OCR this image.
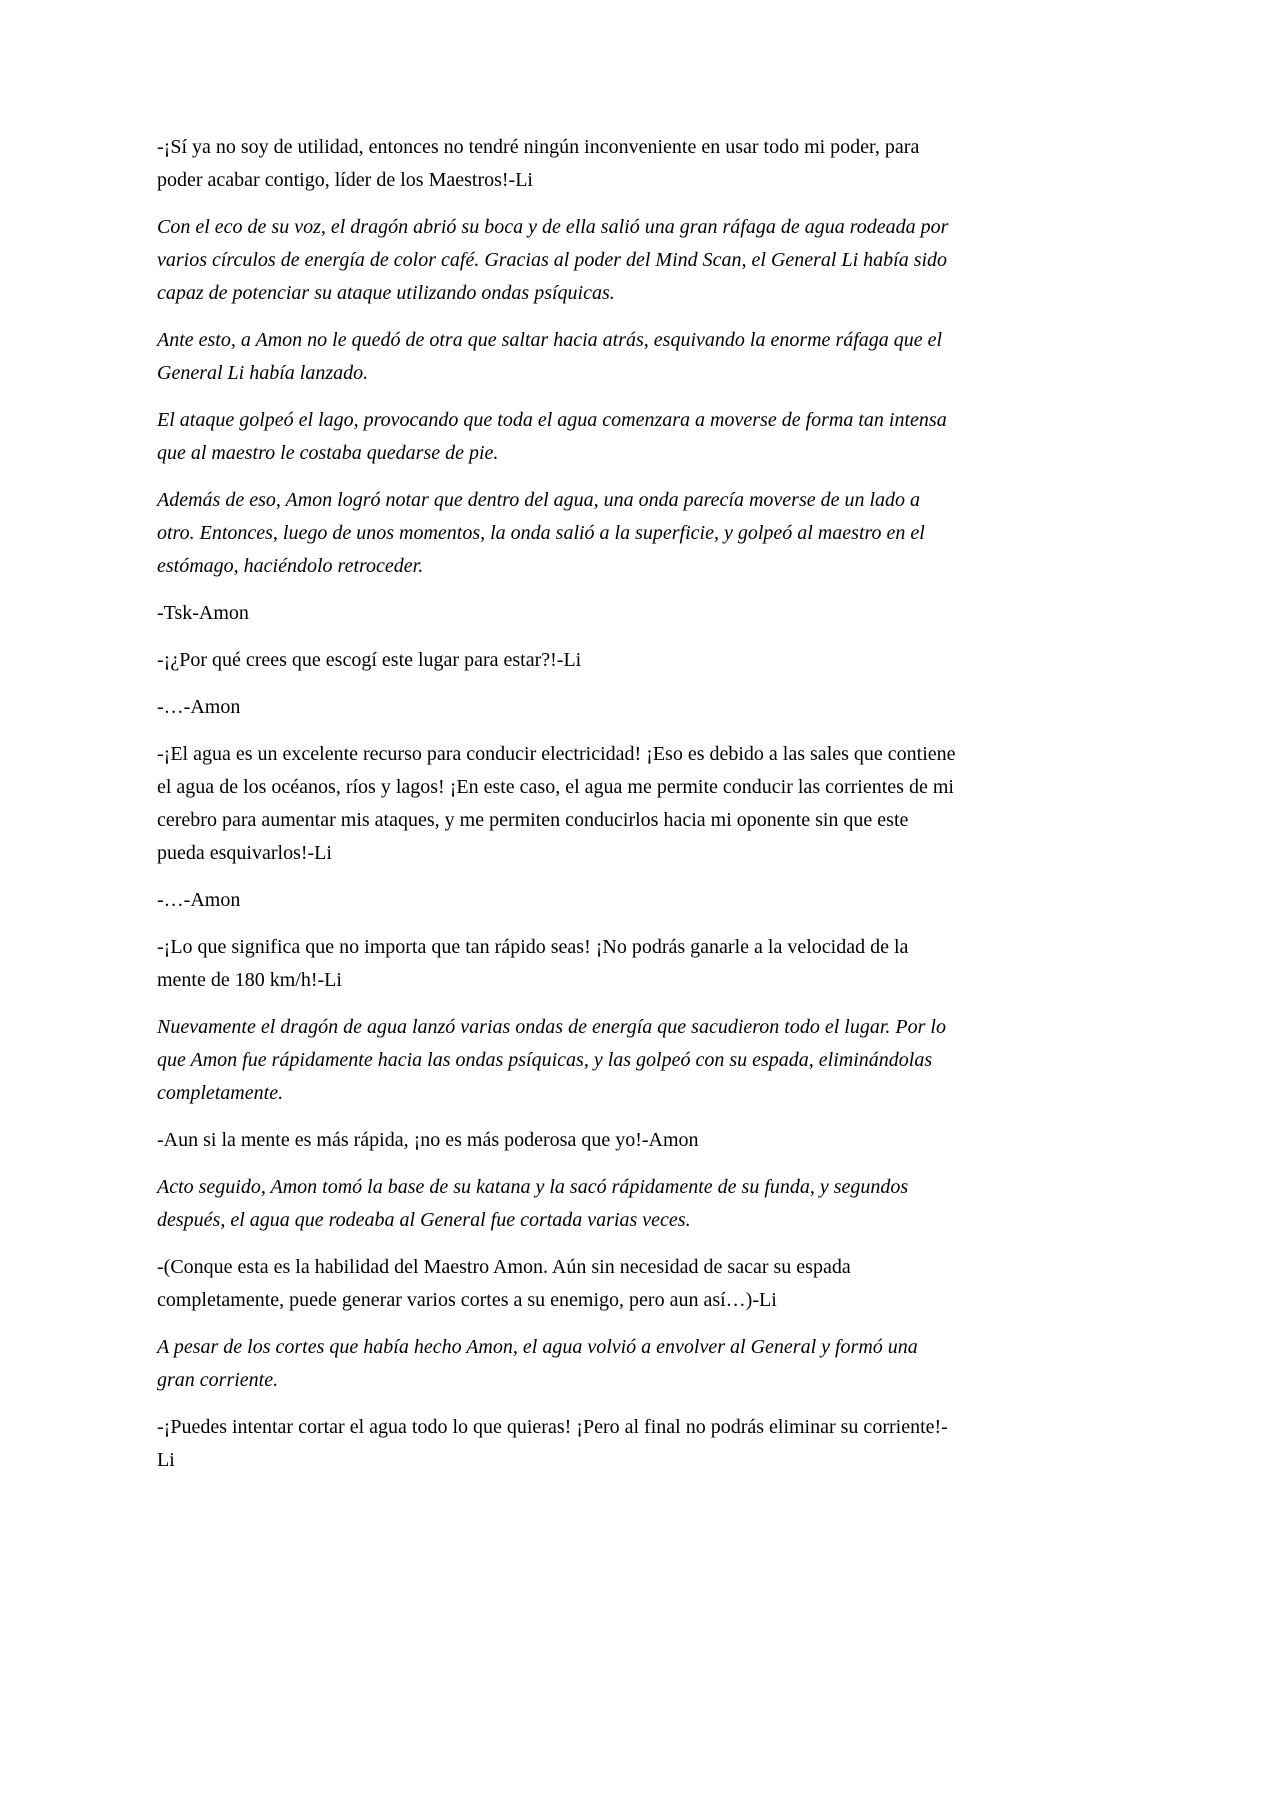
-¡Sí ya no soy de utilidad, entonces no tendré ningún inconveniente en usar todo mi poder, para poder acabar contigo, líder de los Maestros!-Li

Con el eco de su voz, el dragón abrió su boca y de ella salió una gran ráfaga de agua rodeada por varios círculos de energía de color café. Gracias al poder del Mind Scan, el General Li había sido capaz de potenciar su ataque utilizando ondas psíquicas.

Ante esto, a Amon no le quedó de otra que saltar hacia atrás, esquivando la enorme ráfaga que el General Li había lanzado.

El ataque golpeó el lago, provocando que toda el agua comenzara a moverse de forma tan intensa que al maestro le costaba quedarse de pie.

Además de eso, Amon logró notar que dentro del agua, una onda parecía moverse de un lado a otro. Entonces, luego de unos momentos, la onda salió a la superficie, y golpeó al maestro en el estómago, haciéndolo retroceder.

-Tsk-Amon

-¡¿Por qué crees que escogí este lugar para estar?!-Li

-…-Amon

-¡El agua es un excelente recurso para conducir electricidad! ¡Eso es debido a las sales que contiene el agua de los océanos, ríos y lagos! ¡En este caso, el agua me permite conducir las corrientes de mi cerebro para aumentar mis ataques, y me permiten conducirlos hacia mi oponente sin que este pueda esquivarlos!-Li

-…-Amon

-¡Lo que significa que no importa que tan rápido seas! ¡No podrás ganarle a la velocidad de la mente de 180 km/h!-Li

Nuevamente el dragón de agua lanzó varias ondas de energía que sacudieron todo el lugar. Por lo que Amon fue rápidamente hacia las ondas psíquicas, y las golpeó con su espada, eliminándolas completamente.

-Aun si la mente es más rápida, ¡no es más poderosa que yo!-Amon

Acto seguido, Amon tomó la base de su katana y la sacó rápidamente de su funda, y segundos después, el agua que rodeaba al General fue cortada varias veces.

-(Conque esta es la habilidad del Maestro Amon. Aún sin necesidad de sacar su espada completamente, puede generar varios cortes a su enemigo, pero aun así…)-Li

A pesar de los cortes que había hecho Amon, el agua volvió a envolver al General y formó una gran corriente.

-¡Puedes intentar cortar el agua todo lo que quieras! ¡Pero al final no podrás eliminar su corriente!-Li
